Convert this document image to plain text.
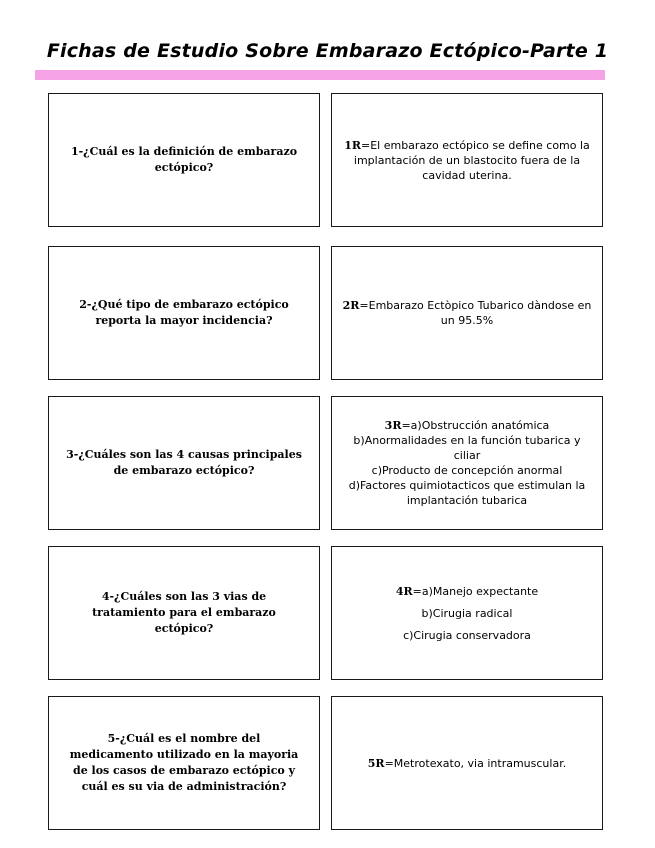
Fichas de Estudio Sobre Embarazo Ectópico-Parte 1
1-¿Cuál es la definición de embarazo ectópico?
1R=El embarazo ectópico se define como la implantación de un blastocito fuera de la cavidad uterina.
2-¿Qué tipo de embarazo ectópico reporta la mayor incidencia?
2R=Embarazo Ectòpico Tubarico dàndose en un 95.5%
3-¿Cuáles son las 4 causas principales de embarazo ectópico?
3R=a)Obstrucción anatómica
b)Anormalidades en la función tubarica y ciliar
c)Producto de concepción anormal
d)Factores quimiotacticos que estimulan la implantación tubarica
4-¿Cuáles son las 3 vias de tratamiento para el embarazo ectópico?
4R=a)Manejo expectante
b)Cirugia radical
c)Cirugia conservadora
5-¿Cuál es el nombre del medicamento utilizado en la mayoria de los casos de embarazo ectópico y cuál es su via de administración?
5R=Metrotexato, via intramuscular.
